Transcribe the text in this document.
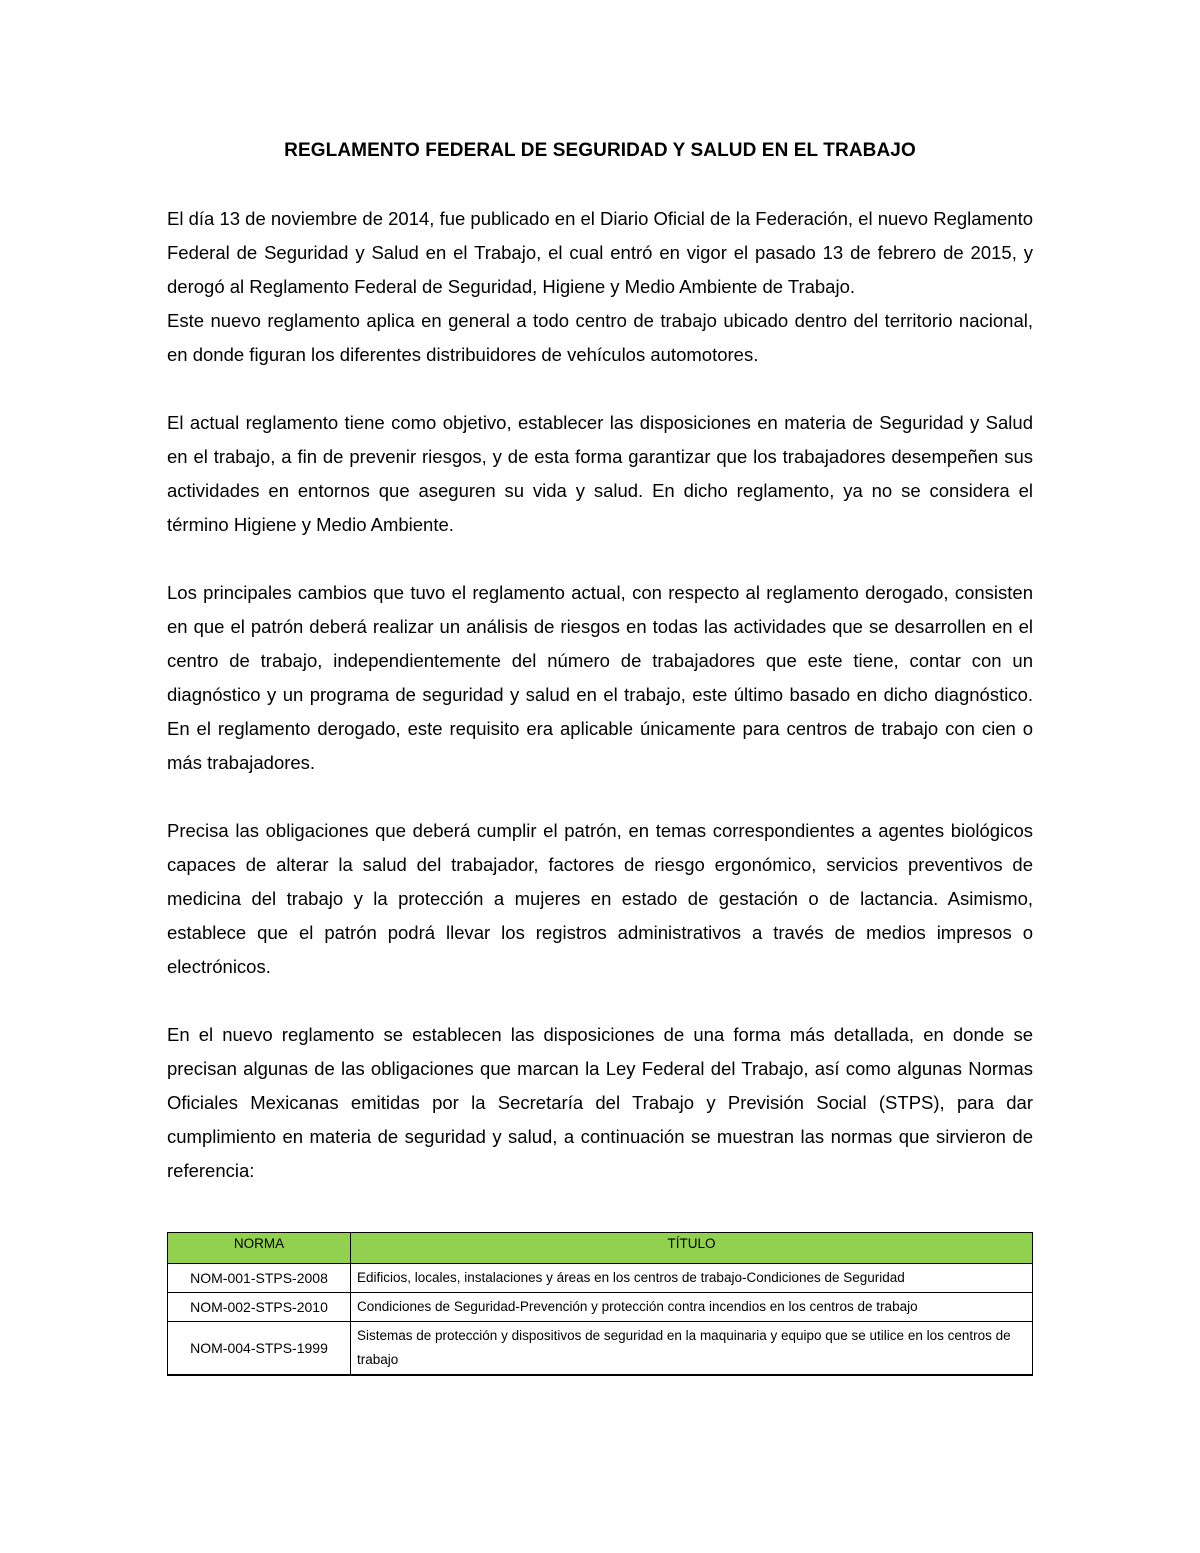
REGLAMENTO FEDERAL DE SEGURIDAD Y SALUD EN EL TRABAJO

El día 13 de noviembre de 2014, fue publicado en el Diario Oficial de la Federación, el nuevo Reglamento Federal de Seguridad y Salud en el Trabajo, el cual entró en vigor el pasado 13 de febrero de 2015, y derogó al Reglamento Federal de Seguridad, Higiene y Medio Ambiente de Trabajo.

Este nuevo reglamento aplica en general a todo centro de trabajo ubicado dentro del territorio nacional, en donde figuran los diferentes distribuidores de vehículos automotores.

El actual reglamento tiene como objetivo, establecer las disposiciones en materia de Seguridad y Salud en el trabajo, a fin de prevenir riesgos, y de esta forma garantizar que los trabajadores desempeñen sus actividades en entornos que aseguren su vida y salud. En dicho reglamento, ya no se considera el término Higiene y Medio Ambiente.

Los principales cambios que tuvo el reglamento actual, con respecto al reglamento derogado, consisten en que el patrón deberá realizar un análisis de riesgos en todas las actividades que se desarrollen en el centro de trabajo, independientemente del número de trabajadores que este tiene, contar con un diagnóstico y un programa de seguridad y salud en el trabajo, este último basado en dicho diagnóstico. En el reglamento derogado, este requisito era aplicable únicamente para centros de trabajo con cien o más trabajadores.

Precisa las obligaciones que deberá cumplir el patrón, en temas correspondientes a agentes biológicos capaces de alterar la salud del trabajador, factores de riesgo ergonómico, servicios preventivos de medicina del trabajo y la protección a mujeres en estado de gestación o de lactancia. Asimismo, establece que el patrón podrá llevar los registros administrativos a través de medios impresos o electrónicos.

En el nuevo reglamento se establecen las disposiciones de una forma más detallada, en donde se precisan algunas de las obligaciones que marcan la Ley Federal del Trabajo, así como algunas Normas Oficiales Mexicanas emitidas por la Secretaría del Trabajo y Previsión Social (STPS), para dar cumplimiento en materia de seguridad y salud, a continuación se muestran las normas que sirvieron de referencia:

NORMA	TÍTULO
NOM-001-STPS-2008	Edificios, locales, instalaciones y áreas en los centros de trabajo-Condiciones de Seguridad
NOM-002-STPS-2010	Condiciones de Seguridad-Prevención y protección contra incendios en los centros de trabajo
NOM-004-STPS-1999	Sistemas de protección y dispositivos de seguridad en la maquinaria y equipo que se utilice en los centros de trabajo
